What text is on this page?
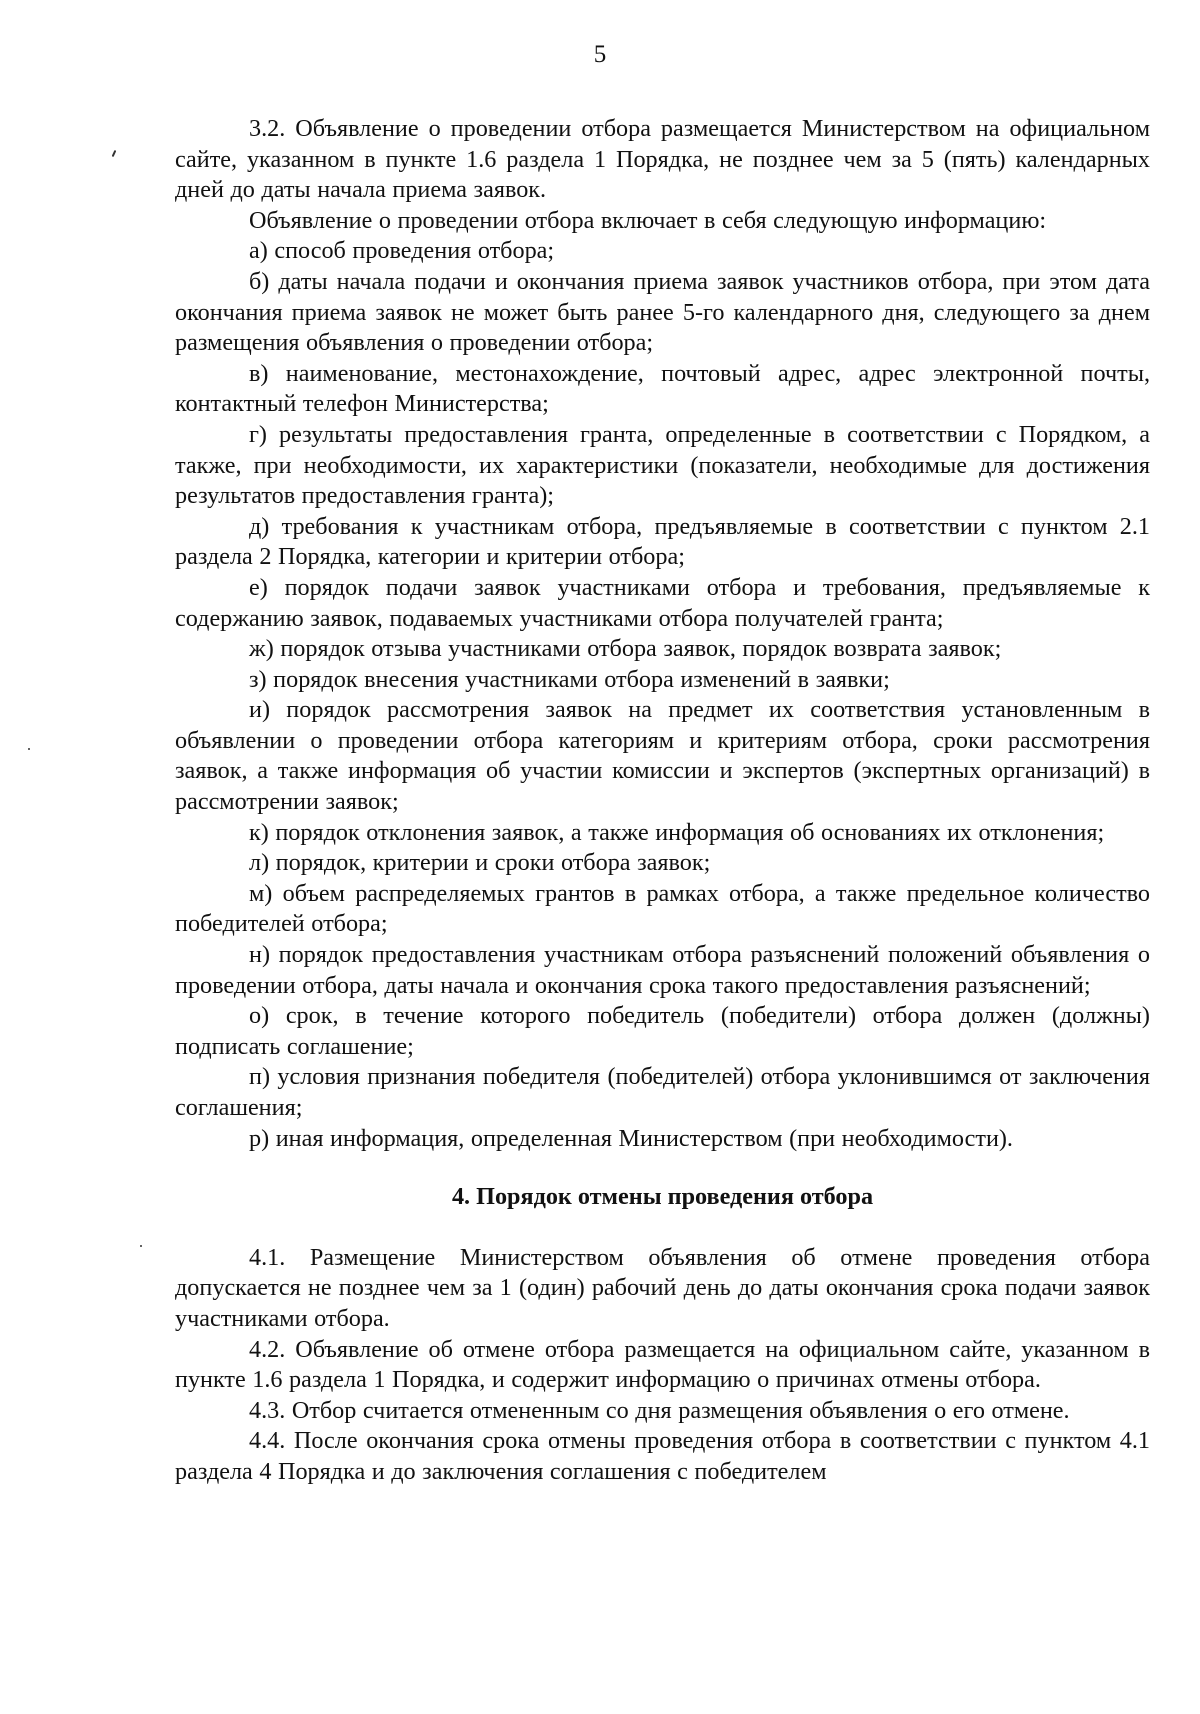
5

3.2. Объявление о проведении отбора размещается Министерством на официальном сайте, указанном в пункте 1.6 раздела 1 Порядка, не позднее чем за 5 (пять) календарных дней до даты начала приема заявок.

Объявление о проведении отбора включает в себя следующую информацию:

а) способ проведения отбора;

б) даты начала подачи и окончания приема заявок участников отбора, при этом дата окончания приема заявок не может быть ранее 5-го календарного дня, следующего за днем размещения объявления о проведении отбора;

в) наименование, местонахождение, почтовый адрес, адрес электронной почты, контактный телефон Министерства;

г) результаты предоставления гранта, определенные в соответствии с Порядком, а также, при необходимости, их характеристики (показатели, необходимые для достижения результатов предоставления гранта);

д) требования к участникам отбора, предъявляемые в соответствии с пунктом 2.1 раздела 2 Порядка, категории и критерии отбора;

е) порядок подачи заявок участниками отбора и требования, предъявляемые к содержанию заявок, подаваемых участниками отбора получателей гранта;

ж) порядок отзыва участниками отбора заявок, порядок возврата заявок;

з) порядок внесения участниками отбора изменений в заявки;

и) порядок рассмотрения заявок на предмет их соответствия установленным в объявлении о проведении отбора категориям и критериям отбора, сроки рассмотрения заявок, а также информация об участии комиссии и экспертов (экспертных организаций) в рассмотрении заявок;

к) порядок отклонения заявок, а также информация об основаниях их отклонения;

л) порядок, критерии и сроки отбора заявок;

м) объем распределяемых грантов в рамках отбора, а также предельное количество победителей отбора;

н) порядок предоставления участникам отбора разъяснений положений объявления о проведении отбора, даты начала и окончания срока такого предоставления разъяснений;

о) срок, в течение которого победитель (победители) отбора должен (должны) подписать соглашение;

п) условия признания победителя (победителей) отбора уклонившимся от заключения соглашения;

р) иная информация, определенная Министерством (при необходимости).

4. Порядок отмены проведения отбора

4.1. Размещение Министерством объявления об отмене проведения отбора допускается не позднее чем за 1 (один) рабочий день до даты окончания срока подачи заявок участниками отбора.

4.2. Объявление об отмене отбора размещается на официальном сайте, указанном в пункте 1.6 раздела 1 Порядка, и содержит информацию о причинах отмены отбора.

4.3. Отбор считается отмененным со дня размещения объявления о его отмене.

4.4. После окончания срока отмены проведения отбора в соответствии с пунктом 4.1 раздела 4 Порядка и до заключения соглашения с победителем
